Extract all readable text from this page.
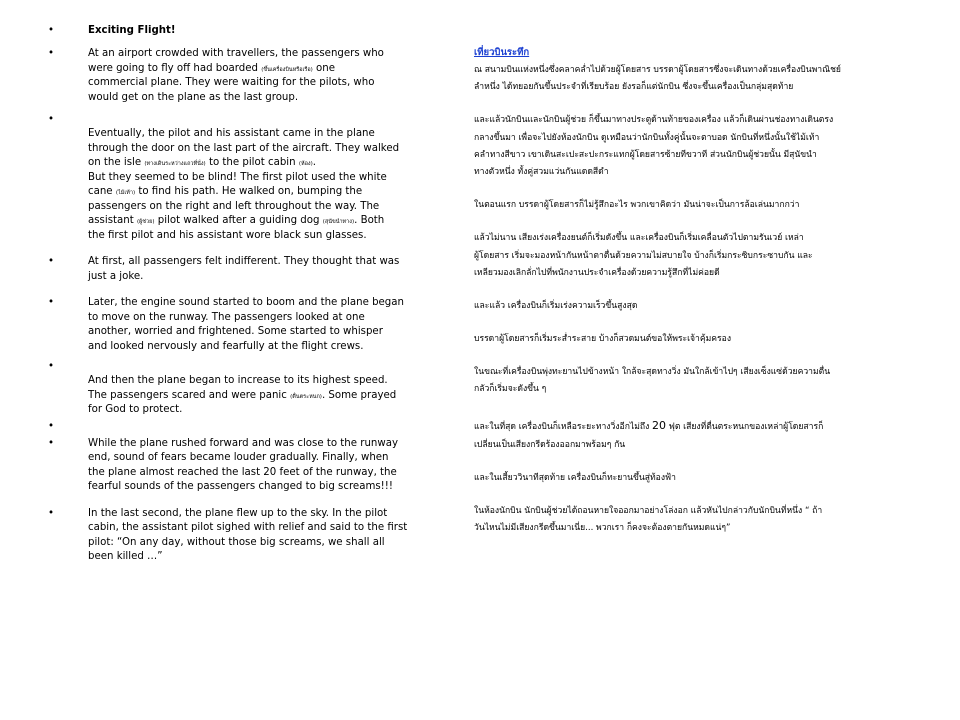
•	Exciting Flight!
•	At an airport crowded with travellers, the passengers who
were going to fly off had boarded (ขึ้นเครื่องบินหรือเรือ) one
commercial plane. They were waiting for the pilots, who
would get on the plane as the last group.
•
Eventually, the pilot and his assistant came in the plane
through the door on the last part of the aircraft. They walked
on the isle (ทางเดินระหว่างแถวที่นั่ง) to the pilot cabin (ห้อง).
But they seemed to be blind! The first pilot used the white
cane (ไม้เท้า) to find his path. He walked on, bumping the
passengers on the right and left throughout the way. The
assistant (ผู้ช่วย) pilot walked after a guiding dog (สุนัขนำทาง). Both
the first pilot and his assistant wore black sun glasses.
•	At first, all passengers felt indifferent. They thought that was
just a joke.
•	Later, the engine sound started to boom and the plane began
to move on the runway. The passengers looked at one
another, worried and frightened. Some started to whisper
and looked nervously and fearfully at the flight crews.
•
And then the plane began to increase to its highest speed.
The passengers scared and were panic (ตื่นตระหนก). Some prayed
for God to protect.
•
•	While the plane rushed forward and was close to the runway
end, sound of fears became louder gradually. Finally, when
the plane almost reached the last 20 feet of the runway, the
fearful sounds of the passengers changed to big screams!!!
•	In the last second, the plane flew up to the sky. In the pilot
cabin, the assistant pilot sighed with relief and said to the first
pilot: “On any day, without those big screams, we shall all
been killed …”
เที่ยวบินระทึก
ณ สนามบินแห่งหนึ่งซึ่งคลาคล่ำไปด้วยผู้โดยสาร บรรดาผู้โดยสารซึ่งจะเดินทางด้วยเครื่องบินพาณิชย์
ลำหนึ่ง ได้ทยอยกันขึ้นประจำที่เรียบร้อย ยังรอก็แต่นักบิน ซึ่งจะขึ้นเครื่องเป็นกลุ่มสุดท้าย
และแล้วนักบินและนักบินผู้ช่วย ก็ขึ้นมาทางประตูด้านท้ายของเครื่อง แล้วก็เดินผ่านช่องทางเดินตรง
กลางขึ้นมา เพื่อจะไปยังห้องนักบิน ดูเหมือนว่านักบินทั้งคู่นั้นจะตาบอด นักบินที่หนึ่งนั้นใช้ไม้เท้า
คลำทางสีขาว เขาเดินสะเปะสะปะกระแทกผู้โดยสารซ้ายทีขวาที ส่วนนักบินผู้ช่วยนั้น มีสุนัขนำ
ทางตัวหนึ่ง ทั้งคู่สวมแว่นกันแดดสีดำ
ในตอนแรก บรรดาผู้โดยสารก็ไม่รู้สึกอะไร พวกเขาคิดว่า มันน่าจะเป็นการล้อเล่นมากกว่า
แล้วไม่นาน เสียงเร่งเครื่องยนต์ก็เริ่มดังขึ้น และเครื่องบินก็เริ่มเคลื่อนตัวไปตามรันเวย์ เหล่า
ผู้โดยสาร เริ่มจะมองหน้ากันหน้าตาตื่นด้วยความไม่สบายใจ บ้างก็เริ่มกระซิบกระซาบกัน และ
เหลียวมองเลิกลั่กไปที่พนักงานประจำเครื่องด้วยความรู้สึกที่ไม่ค่อยดี
และแล้ว เครื่องบินก็เริ่มเร่งความเร็วขึ้นสูงสุด
บรรดาผู้โดยสารก็เริ่มระส่ำระสาย บ้างก็สวดมนต์ขอให้พระเจ้าคุ้มครอง
ในขณะที่เครื่องบินพุ่งทะยานไปข้างหน้า ใกล้จะสุดทางวิ่ง มันใกล้เข้าไปๆ เสียงเซ็งแซ่ด้วยความตื่น
กลัวก็เริ่มจะดังขึ้น ๆ
และในที่สุด เครื่องบินก็เหลือระยะทางวิ่งอีกไม่ถึง 20 ฟุต เสียงที่ตื่นตระหนกของเหล่าผู้โดยสารก็
เปลี่ยนเป็นเสียงกรีดร้องออกมาพร้อมๆ กัน
และในเสี้ยววินาทีสุดท้าย เครื่องบินก็ทะยานขึ้นสู่ท้องฟ้า
ในห้องนักบิน นักบินผู้ช่วยได้ถอนหายใจออกมาอย่างโล่งอก แล้วหันไปกล่าวกับนักบินที่หนึ่ง “ ถ้า
วันไหนไม่มีเสียงกรีดขึ้นมาเนี่ย... พวกเรา ก็คงจะต้องตายกันหมดแน่ๆ”
